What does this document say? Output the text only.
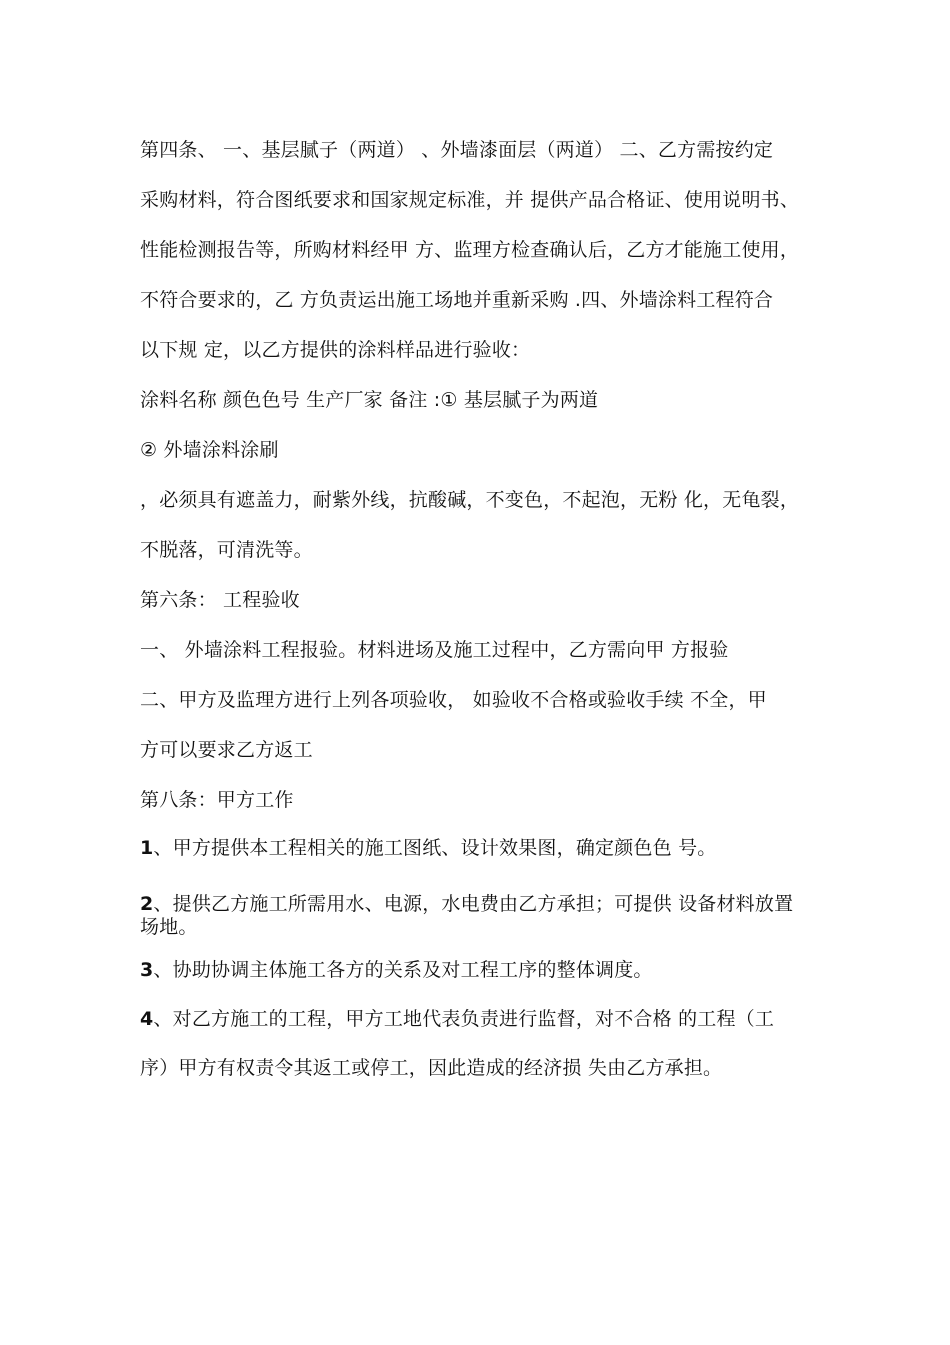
第四条、 一、基层腻子（两道） 、外墙漆面层（两道） 二、乙方需按约定
采购材料，符合图纸要求和国家规定标准，并 提供产品合格证、使用说明书、
性能检测报告等，所购材料经甲 方、监理方检查确认后，乙方才能施工使用，
不符合要求的，乙 方负责运出施工场地并重新采购 .四、外墙涂料工程符合
以下规 定，以乙方提供的涂料样品进行验收：
涂料名称 颜色色号 生产厂家 备注 :① 基层腻子为两道
② 外墙涂料涂刷
，必须具有遮盖力，耐紫外线，抗酸碱，不变色，不起泡，无粉 化，无龟裂，
不脱落，可清洗等。
第六条： 工程验收
一、 外墙涂料工程报验。材料进场及施工过程中，乙方需向甲 方报验
二、甲方及监理方进行上列各项验收， 如验收不合格或验收手续 不全，甲
方可以要求乙方返工
第八条：甲方工作
1、甲方提供本工程相关的施工图纸、设计效果图，确定颜色色 号。
2、提供乙方施工所需用水、电源，水电费由乙方承担；可提供 设备材料放置场地。
3、协助协调主体施工各方的关系及对工程工序的整体调度。
4、对乙方施工的工程，甲方工地代表负责进行监督，对不合格 的工程（工
序）甲方有权责令其返工或停工，因此造成的经济损 失由乙方承担。
